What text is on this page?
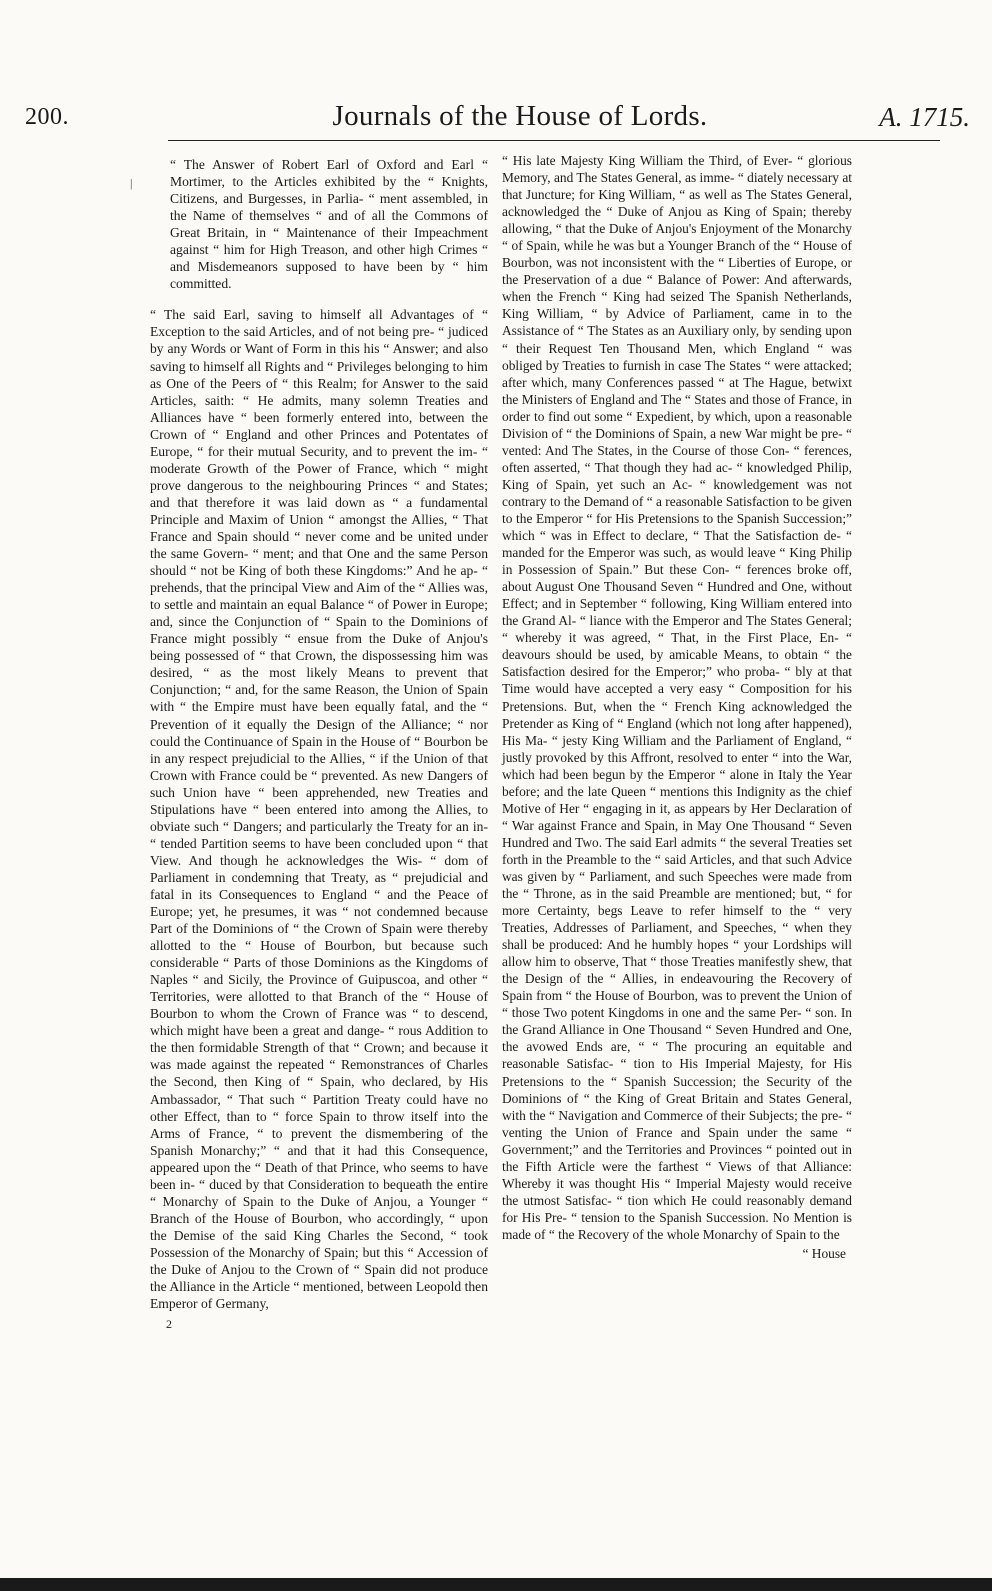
200.	Journals of the House of Lords.	A. 1715.
|
“ The Answer of Robert Earl of Oxford and Earl “ Mortimer, to the Articles exhibited by the “ Knights, Citizens, and Burgesses, in Parlia- “ ment assembled, in the Name of themselves “ and of all the Commons of Great Britain, in “ Maintenance of their Impeachment against “ him for High Treason, and other high Crimes “ and Misdemeanors supposed to have been by “ him committed.
“ The said Earl, saving to himself all Advantages of “ Exception to the said Articles, and of not being pre- “ judiced by any Words or Want of Form in this his “ Answer; and also saving to himself all Rights and “ Privileges belonging to him as One of the Peers of “ this Realm; for Answer to the said Articles, saith: “ He admits, many solemn Treaties and Alliances have “ been formerly entered into, between the Crown of “ England and other Princes and Potentates of Europe, “ for their mutual Security, and to prevent the im- “ moderate Growth of the Power of France, which “ might prove dangerous to the neighbouring Princes “ and States; and that therefore it was laid down as “ a fundamental Principle and Maxim of Union “ amongst the Allies, “ That France and Spain should “ never come and be united under the same Govern- “ ment; and that One and the same Person should “ not be King of both these Kingdoms:” And he ap- “ prehends, that the principal View and Aim of the “ Allies was, to settle and maintain an equal Balance “ of Power in Europe; and, since the Conjunction of “ Spain to the Dominions of France might possibly “ ensue from the Duke of Anjou's being possessed of “ that Crown, the dispossessing him was desired, “ as the most likely Means to prevent that Conjunction; “ and, for the same Reason, the Union of Spain with “ the Empire must have been equally fatal, and the “ Prevention of it equally the Design of the Alliance; “ nor could the Continuance of Spain in the House of “ Bourbon be in any respect prejudicial to the Allies, “ if the Union of that Crown with France could be “ prevented. As new Dangers of such Union have “ been apprehended, new Treaties and Stipulations have “ been entered into among the Allies, to obviate such “ Dangers; and particularly the Treaty for an in- “ tended Partition seems to have been concluded upon “ that View. And though he acknowledges the Wis- “ dom of Parliament in condemning that Treaty, as “ prejudicial and fatal in its Consequences to England “ and the Peace of Europe; yet, he presumes, it was “ not condemned because Part of the Dominions of “ the Crown of Spain were thereby allotted to the “ House of Bourbon, but because such considerable “ Parts of those Dominions as the Kingdoms of Naples “ and Sicily, the Province of Guipuscoa, and other “ Territories, were allotted to that Branch of the “ House of Bourbon to whom the Crown of France was “ to descend, which might have been a great and dange- “ rous Addition to the then formidable Strength of that “ Crown; and because it was made against the repeated “ Remonstrances of Charles the Second, then King of “ Spain, who declared, by His Ambassador, “ That such “ Partition Treaty could have no other Effect, than to “ force Spain to throw itself into the Arms of France, “ to prevent the dismembering of the Spanish Monarchy;” “ and that it had this Consequence, appeared upon the “ Death of that Prince, who seems to have been in- “ duced by that Consideration to bequeath the entire “ Monarchy of Spain to the Duke of Anjou, a Younger “ Branch of the House of Bourbon, who accordingly, “ upon the Demise of the said King Charles the Second, “ took Possession of the Monarchy of Spain; but this “ Accession of the Duke of Anjou to the Crown of “ Spain did not produce the Alliance in the Article “ mentioned, between Leopold then Emperor of Germany,
2
“ His late Majesty King William the Third, of Ever- “ glorious Memory, and The States General, as imme- “ diately necessary at that Juncture; for King William, “ as well as The States General, acknowledged the “ Duke of Anjou as King of Spain; thereby allowing, “ that the Duke of Anjou's Enjoyment of the Monarchy “ of Spain, while he was but a Younger Branch of the “ House of Bourbon, was not inconsistent with the “ Liberties of Europe, or the Preservation of a due “ Balance of Power: And afterwards, when the French “ King had seized The Spanish Netherlands, King William, “ by Advice of Parliament, came in to the Assistance of “ The States as an Auxiliary only, by sending upon “ their Request Ten Thousand Men, which England “ was obliged by Treaties to furnish in case The States “ were attacked; after which, many Conferences passed “ at The Hague, betwixt the Ministers of England and The “ States and those of France, in order to find out some “ Expedient, by which, upon a reasonable Division of “ the Dominions of Spain, a new War might be pre- “ vented: And The States, in the Course of those Con- “ ferences, often asserted, “ That though they had ac- “ knowledged Philip, King of Spain, yet such an Ac- “ knowledgement was not contrary to the Demand of “ a reasonable Satisfaction to be given to the Emperor “ for His Pretensions to the Spanish Succession;” which “ was in Effect to declare, “ That the Satisfaction de- “ manded for the Emperor was such, as would leave “ King Philip in Possession of Spain.” But these Con- “ ferences broke off, about August One Thousand Seven “ Hundred and One, without Effect; and in September “ following, King William entered into the Grand Al- “ liance with the Emperor and The States General; “ whereby it was agreed, “ That, in the First Place, En- “ deavours should be used, by amicable Means, to obtain “ the Satisfaction desired for the Emperor;” who proba- “ bly at that Time would have accepted a very easy “ Composition for his Pretensions. But, when the “ French King acknowledged the Pretender as King of “ England (which not long after happened), His Ma- “ jesty King William and the Parliament of England, “ justly provoked by this Affront, resolved to enter “ into the War, which had been begun by the Emperor “ alone in Italy the Year before; and the late Queen “ mentions this Indignity as the chief Motive of Her “ engaging in it, as appears by Her Declaration of “ War against France and Spain, in May One Thousand “ Seven Hundred and Two. The said Earl admits “ the several Treaties set forth in the Preamble to the “ said Articles, and that such Advice was given by “ Parliament, and such Speeches were made from the “ Throne, as in the said Preamble are mentioned; but, “ for more Certainty, begs Leave to refer himself to the “ very Treaties, Addresses of Parliament, and Speeches, “ when they shall be produced: And he humbly hopes “ your Lordships will allow him to observe, That “ those Treaties manifestly shew, that the Design of the “ Allies, in endeavouring the Recovery of Spain from “ the House of Bourbon, was to prevent the Union of “ those Two potent Kingdoms in one and the same Per- “ son. In the Grand Alliance in One Thousand “ Seven Hundred and One, the avowed Ends are, “ “ The procuring an equitable and reasonable Satisfac- “ tion to His Imperial Majesty, for His Pretensions to the “ Spanish Succession; the Security of the Dominions of “ the King of Great Britain and States General, with the “ Navigation and Commerce of their Subjects; the pre- “ venting the Union of France and Spain under the same “ Government;” and the Territories and Provinces “ pointed out in the Fifth Article were the farthest “ Views of that Alliance: Whereby it was thought His “ Imperial Majesty would receive the utmost Satisfac- “ tion which He could reasonably demand for His Pre- “ tension to the Spanish Succession. No Mention is made of “ the Recovery of the whole Monarchy of Spain to the
“ House
